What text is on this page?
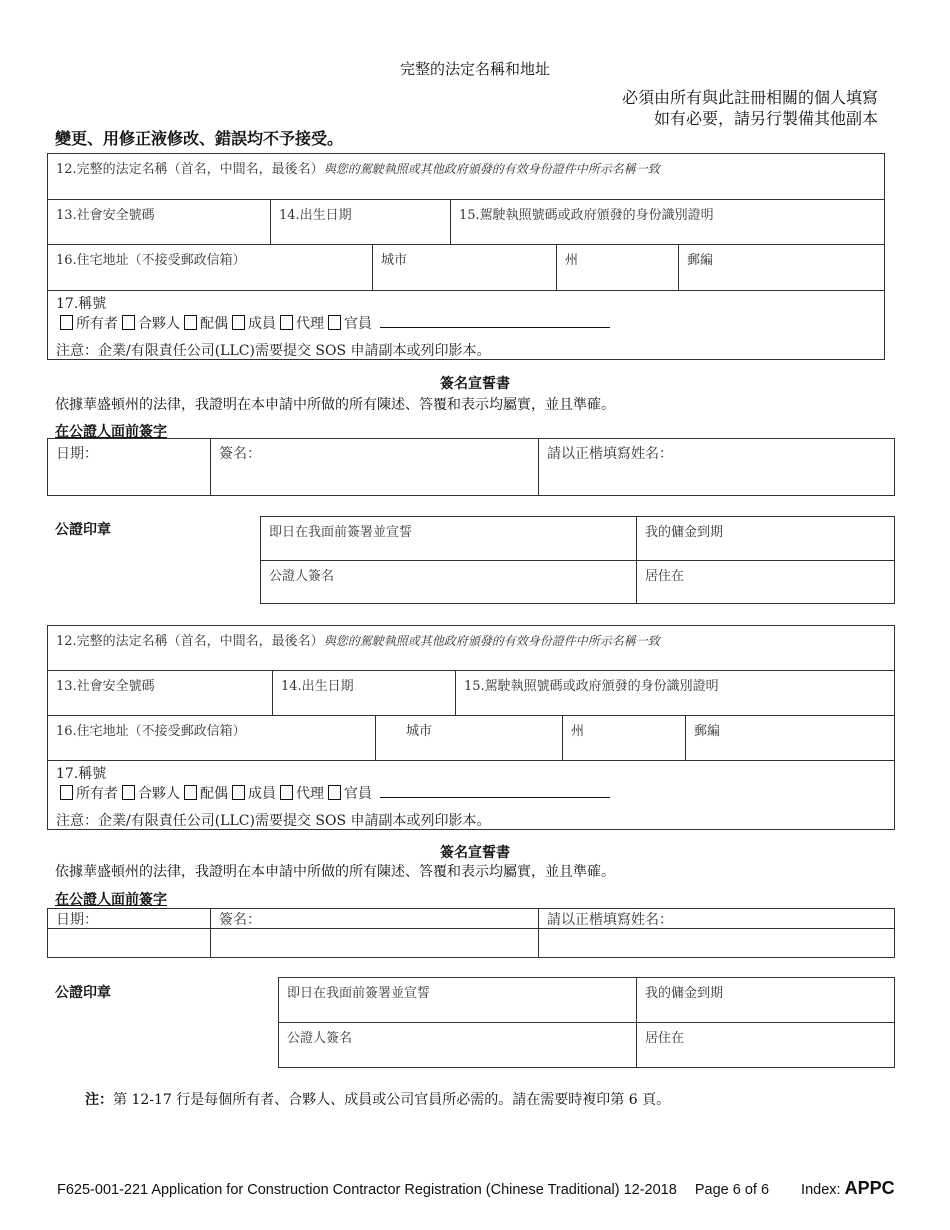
完整的法定名稱和地址
必須由所有與此註冊相關的個人填寫
如有必要，請另行製備其他副本
變更、用修正液修改、錯誤均不予接受。
12.完整的法定名稱（首名，中間名，最後名）與您的駕駛執照或其他政府頒發的有效身份證件中所示名稱一致
13.社會安全號碼	14.出生日期	15.駕駛執照號碼或政府頒發的身份識別證明
16.住宅地址（不接受郵政信箱）	城市	州	郵編
17.稱號
所有者 合夥人 配偶 成員 代理 官員
注意：企業/有限責任公司(LLC)需要提交 SOS 申請副本或列印影本。
簽名宣誓書
依據華盛頓州的法律，我證明在本申請中所做的所有陳述、答覆和表示均屬實，並且準確。
在公證人面前簽字
日期：	簽名：	請以正楷填寫姓名：
公證印章	即日在我面前簽署並宣誓	我的傭金到期
公證人簽名	居住在
12.完整的法定名稱（首名，中間名，最後名）與您的駕駛執照或其他政府頒發的有效身份證件中所示名稱一致
13.社會安全號碼	14.出生日期	15.駕駛執照號碼或政府頒發的身份識別證明
16.住宅地址（不接受郵政信箱）	城市	州	郵編
17.稱號
所有者 合夥人 配偶 成員 代理 官員
注意：企業/有限責任公司(LLC)需要提交 SOS 申請副本或列印影本。
簽名宣誓書
依據華盛頓州的法律，我證明在本申請中所做的所有陳述、答覆和表示均屬實，並且準確。
在公證人面前簽字
日期：	簽名：	請以正楷填寫姓名：
公證印章	即日在我面前簽署並宣誓	我的傭金到期
公證人簽名	居住在
注：第 12-17 行是每個所有者、合夥人、成員或公司官員所必需的。請在需要時複印第 6 頁。
F625-001-221 Application for Construction Contractor Registration (Chinese Traditional) 12-2018 Page 6 of 6 Index: APPC
